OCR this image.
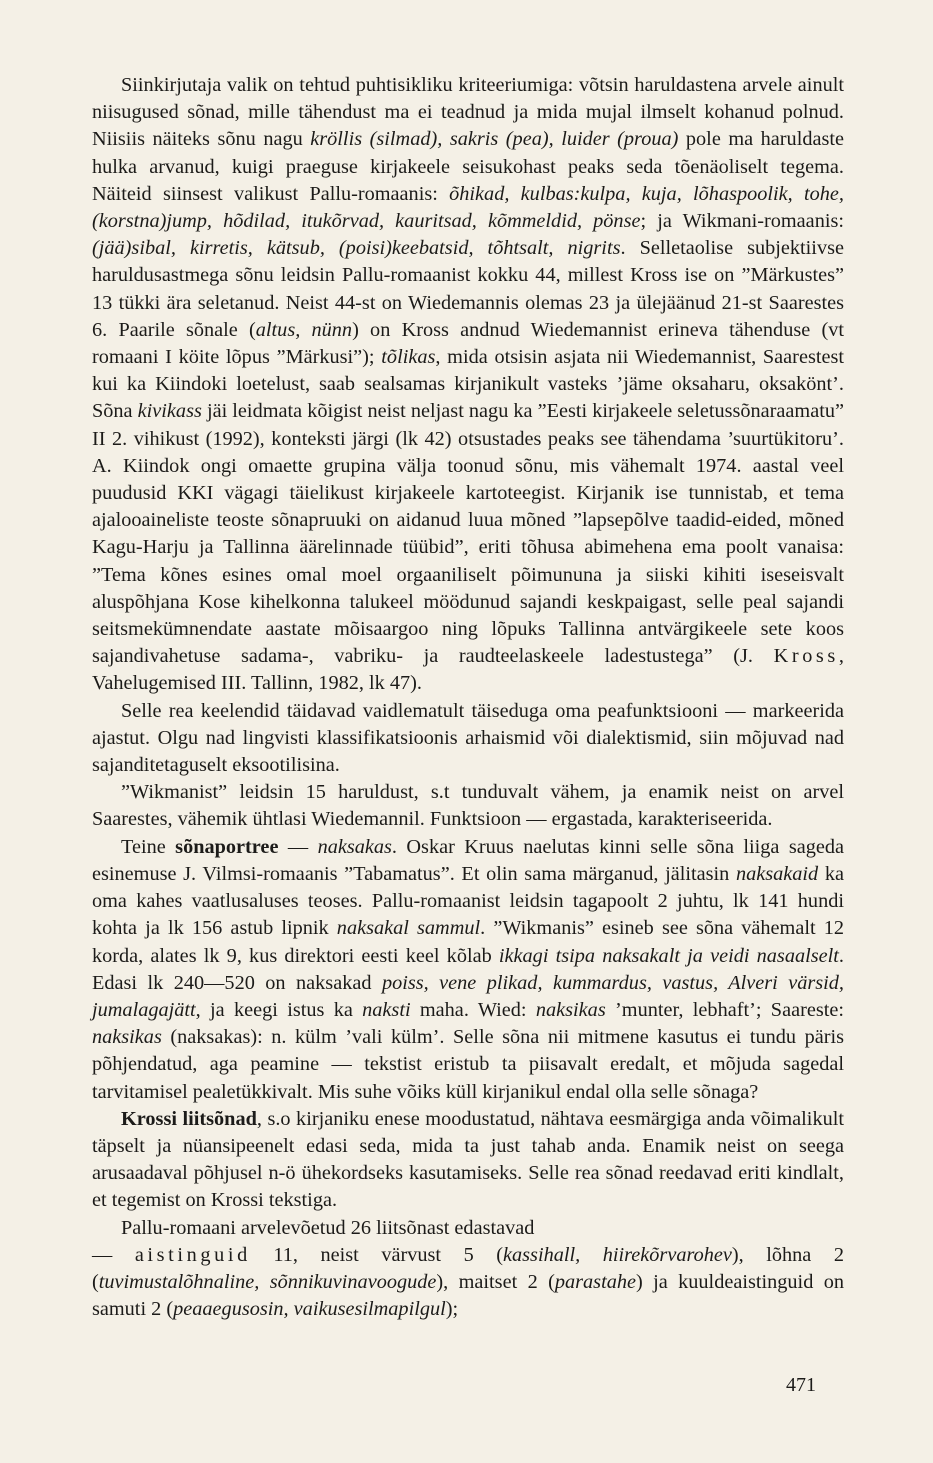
Siinkirjutaja valik on tehtud puhtisikliku kriteeriumiga: võtsin haruldastena arvele ainult niisugused sõnad, mille tähendust ma ei teadnud ja mida mujal ilmselt kohanud polnud. Niisiis näiteks sõnu nagu kröllis (silmad), sakris (pea), luider (proua) pole ma haruldaste hulka arvanud, kuigi praeguse kirjakeele seisukohast peaks seda tõenäoliselt tegema. Näiteid siinsest valikust Pallu-romaanis: õhikad, kulbas:kulpa, kuja, lõhaspoolik, tohe, (korstna)jump, hõdilad, itukõrvad, kauritsad, kõmmeldid, pönse; ja Wikmani-romaanis: (jää)sibal, kirretis, kätsub, (poisi)keebatsid, tõhtsalt, nigrits. Selletaolise subjektiivse haruldusastmega sõnu leidsin Pallu-romaanist kokku 44, millest Kross ise on ”Märkustes” 13 tükki ära seletanud. Neist 44-st on Wiedemannis olemas 23 ja ülejäänud 21-st Saarestes 6. Paarile sõnale (altus, nünn) on Kross andnud Wiedemannist erineva tähenduse (vt romaani I köite lõpus ”Märkusi”); tõlikas, mida otsisin asjata nii Wiedemannist, Saarestest kui ka Kiindoki loetelust, saab sealsamas kirjanikult vasteks ’jäme oksaharu, oksakönt’. Sõna kivikass jäi leidmata kõigist neist neljast nagu ka ”Eesti kirjakeele seletussõnaraamatu” II 2. vihikust (1992), konteksti järgi (lk 42) otsustades peaks see tähendama ’suurtükitoru’. A. Kiindok ongi omaette grupina välja toonud sõnu, mis vähemalt 1974. aastal veel puudusid KKI vägagi täielikust kirjakeele kartoteegist. Kirjanik ise tunnistab, et tema ajalooaineliste teoste sõnapruuki on aidanud luua mõned ”lapsepõlve taadid-eided, mõned Kagu-Harju ja Tallinna äärelinnade tüübid”, eriti tõhusa abimehena ema poolt vanaisa: ”Tema kõnes esines omal moel orgaaniliselt põimununa ja siiski kihiti iseseisvalt aluspõhjana Kose kihelkonna talukeel möödunud sajandi keskpaigast, selle peal sajandi seitsmekümnendate aastate mõisaargoo ning lõpuks Tallinna antvärgikeele sete koos sajandivahetuse sadama-, vabriku- ja raudteelaskeele ladestustega” (J. Kross, Vahelugemised III. Tallinn, 1982, lk 47).

Selle rea keelendid täidavad vaidlematult täiseduga oma peafunktsiooni — markeerida ajastut. Olgu nad lingvisti klassifikatsioonis arhaismid või dialektismid, siin mõjuvad nad sajanditetaguselt eksootilisina.

”Wikmanist” leidsin 15 haruldust, s.t tunduvalt vähem, ja enamik neist on arvel Saarestes, vähemik ühtlasi Wiedemannil. Funktsioon — ergastada, karakteriseerida.

Teine sõnaportree — naksakas. Oskar Kruus naelutas kinni selle sõna liiga sageda esinemuse J. Vilmsi-romaanis ”Tabamatus”. Et olin sama märganud, jälitasin naksakaid ka oma kahes vaatlusaluses teoses. Pallu-romaanist leidsin tagapoolt 2 juhtu, lk 141 hundi kohta ja lk 156 astub lipnik naksakal sammul. ”Wikmanis” esineb see sõna vähemalt 12 korda, alates lk 9, kus direktori eesti keel kõlab ikkagi tsipa naksakalt ja veidi nasaalselt. Edasi lk 240—520 on naksakad poiss, vene plikad, kummardus, vastus, Alveri värsid, jumalagajätt, ja keegi istus ka naksti maha. Wied: naksikas ’munter, lebhaft’; Saareste: naksikas (naksakas): n. külm ’vali külm’. Selle sõna nii mitmene kasutus ei tundu päris põhjendatud, aga peamine — tekstist eristub ta piisavalt eredalt, et mõjuda sagedal tarvitamisel pealetükkivalt. Mis suhe võiks küll kirjanikul endal olla selle sõnaga?

Krossi liitsõnad, s.o kirjaniku enese moodustatud, nähtava eesmärgiga anda võimalikult täpselt ja nüansipeenelt edasi seda, mida ta just tahab anda. Enamik neist on seega arusaadaval põhjusel n-ö ühekordseks kasutamiseks. Selle rea sõnad reedavad eriti kindlalt, et tegemist on Krossi tekstiga.

Pallu-romaani arvelevõetud 26 liitsõnast edastavad

— aistinguid 11, neist värvust 5 (kassihall, hiirekõrvarohev), lõhna 2 (tuvimustalõhnaline, sõnnikuvinavoogude), maitset 2 (parastahe) ja kuuldeaistinguid on samuti 2 (peaaegusosin, vaikusesilmapilgul);

471
